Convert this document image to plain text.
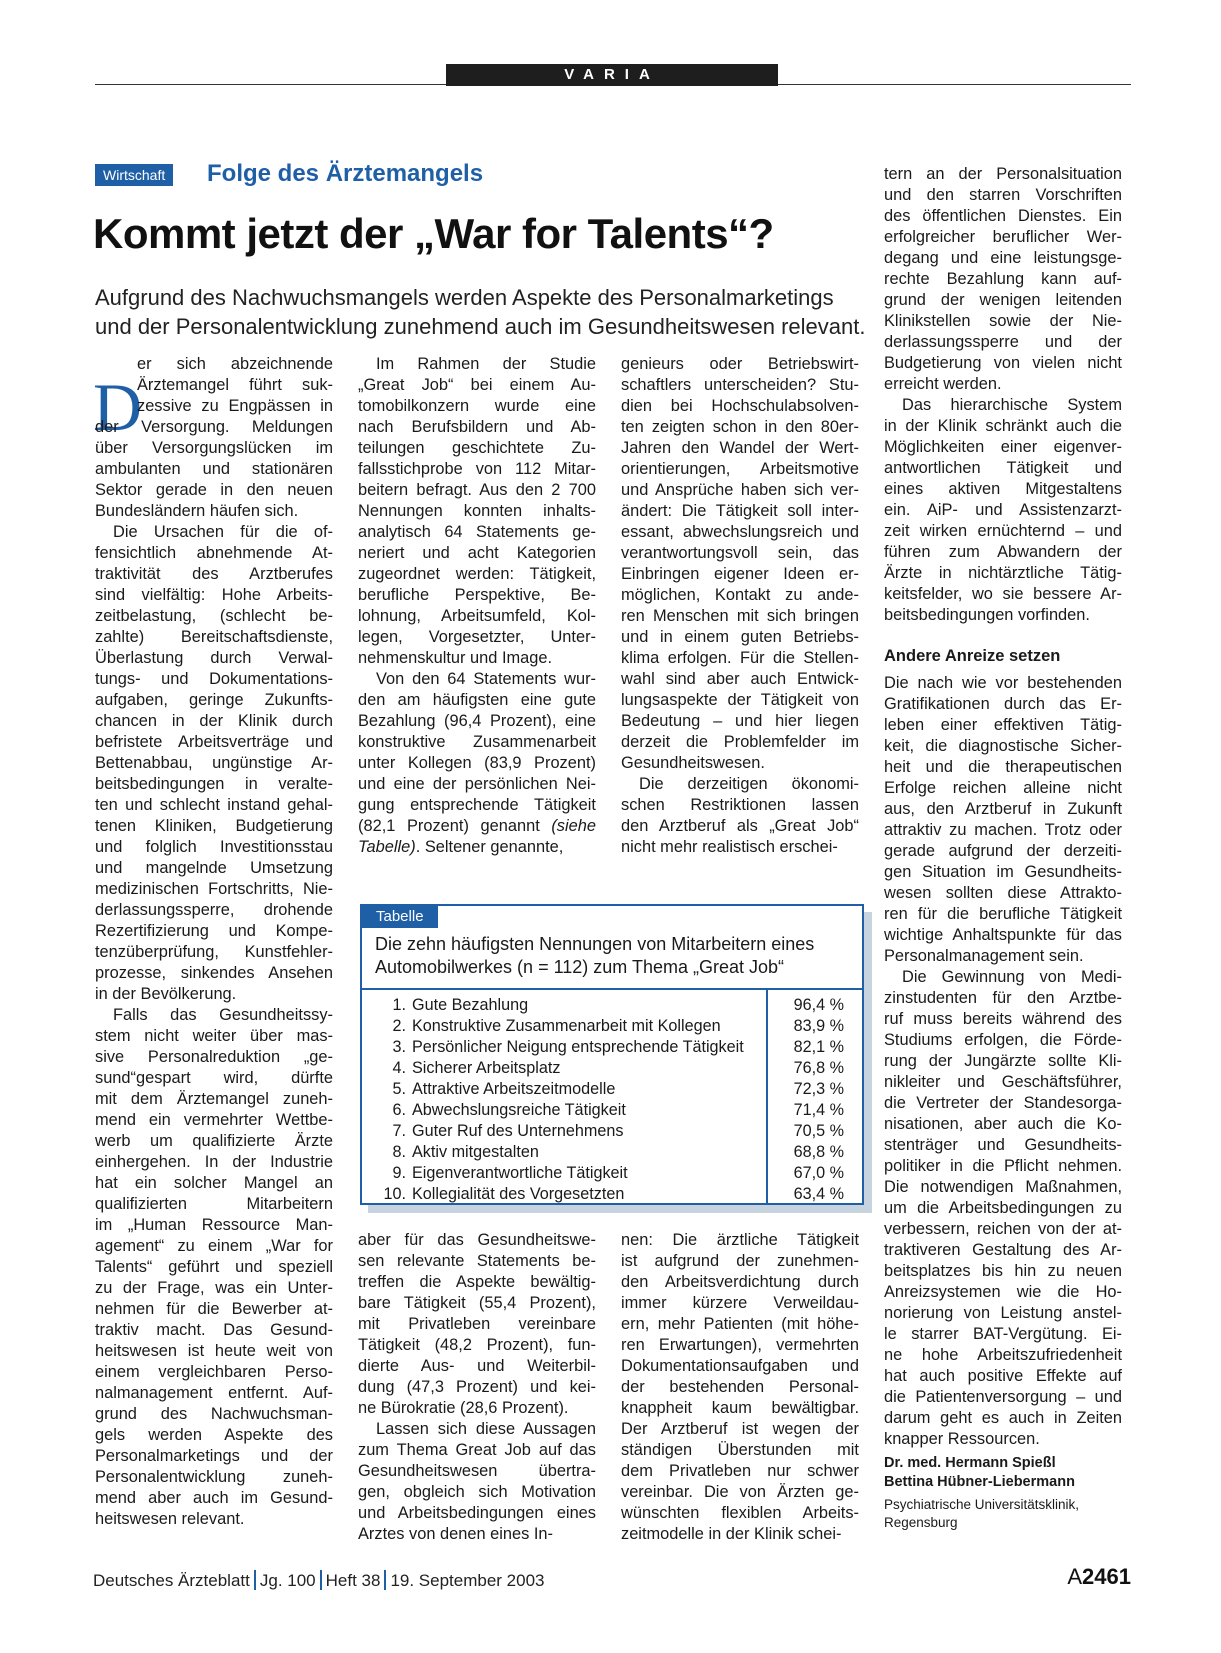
VARIA
Wirtschaft	Folge des Ärztemangels
Kommt jetzt der „War for Talents“?
Aufgrund des Nachwuchsmangels werden Aspekte des Personalmarketings
und der Personalentwicklung zunehmend auch im Gesundheitswesen relevant.
D
er sich abzeichnende
Ärztemangel führt suk-
zessive zu Engpässen in
der Versorgung. Meldungen
über Versorgungslücken im
ambulanten und stationären
Sektor gerade in den neuen
Bundesländern häufen sich.
Die Ursachen für die of-
fensichtlich abnehmende At-
traktivität des Arztberufes
sind vielfältig: Hohe Arbeits-
zeitbelastung, (schlecht be-
zahlte) Bereitschaftsdienste,
Überlastung durch Verwal-
tungs- und Dokumentations-
aufgaben, geringe Zukunfts-
chancen in der Klinik durch
befristete Arbeitsverträge und
Bettenabbau, ungünstige Ar-
beitsbedingungen in veralte-
ten und schlecht instand gehal-
tenen Kliniken, Budgetierung
und folglich Investitionsstau
und mangelnde Umsetzung
medizinischen Fortschritts, Nie-
derlassungssperre, drohende
Rezertifizierung und Kompe-
tenzüberprüfung, Kunstfehler-
prozesse, sinkendes Ansehen
in der Bevölkerung.
Falls das Gesundheitssy-
stem nicht weiter über mas-
sive Personalreduktion „ge-
sund“gespart wird, dürfte
mit dem Ärztemangel zuneh-
mend ein vermehrter Wettbe-
werb um qualifizierte Ärzte
einhergehen. In der Industrie
hat ein solcher Mangel an
qualifizierten Mitarbeitern
im „Human Ressource Man-
agement“ zu einem „War for
Talents“ geführt und speziell
zu der Frage, was ein Unter-
nehmen für die Bewerber at-
traktiv macht. Das Gesund-
heitswesen ist heute weit von
einem vergleichbaren Perso-
nalmanagement entfernt. Auf-
grund des Nachwuchsman-
gels werden Aspekte des
Personalmarketings und der
Personalentwicklung zuneh-
mend aber auch im Gesund-
heitswesen relevant.
Im Rahmen der Studie
„Great Job“ bei einem Au-
tomobilkonzern wurde eine
nach Berufsbildern und Ab-
teilungen geschichtete Zu-
fallsstichprobe von 112 Mitar-
beitern befragt. Aus den 2 700
Nennungen konnten inhalts-
analytisch 64 Statements ge-
neriert und acht Kategorien
zugeordnet werden: Tätigkeit,
berufliche Perspektive, Be-
lohnung, Arbeitsumfeld, Kol-
legen, Vorgesetzter, Unter-
nehmenskultur und Image.
Von den 64 Statements wur-
den am häufigsten eine gute
Bezahlung (96,4 Prozent), eine
konstruktive Zusammenarbeit
unter Kollegen (83,9 Prozent)
und eine der persönlichen Nei-
gung entsprechende Tätigkeit
(82,1 Prozent) genannt (siehe
Tabelle). Seltener genannte,
genieurs oder Betriebswirt-
schaftlers unterscheiden? Stu-
dien bei Hochschulabsolven-
ten zeigten schon in den 80er-
Jahren den Wandel der Wert-
orientierungen, Arbeitsmotive
und Ansprüche haben sich ver-
ändert: Die Tätigkeit soll inter-
essant, abwechslungsreich und
verantwortungsvoll sein, das
Einbringen eigener Ideen er-
möglichen, Kontakt zu ande-
ren Menschen mit sich bringen
und in einem guten Betriebs-
klima erfolgen. Für die Stellen-
wahl sind aber auch Entwick-
lungsaspekte der Tätigkeit von
Bedeutung – und hier liegen
derzeit die Problemfelder im
Gesundheitswesen.
Die derzeitigen ökonomi-
schen Restriktionen lassen
den Arztberuf als „Great Job“
nicht mehr realistisch erschei-
Tabelle
Die zehn häufigsten Nennungen von Mitarbeitern eines
Automobilwerkes (n = 112) zum Thema „Great Job“
1. Gute Bezahlung	96,4 %
2. Konstruktive Zusammenarbeit mit Kollegen	83,9 %
3. Persönlicher Neigung entsprechende Tätigkeit	82,1 %
4. Sicherer Arbeitsplatz	76,8 %
5. Attraktive Arbeitszeitmodelle	72,3 %
6. Abwechslungsreiche Tätigkeit	71,4 %
7. Guter Ruf des Unternehmens	70,5 %
8. Aktiv mitgestalten	68,8 %
9. Eigenverantwortliche Tätigkeit	67,0 %
10. Kollegialität des Vorgesetzten	63,4 %
aber für das Gesundheitswe-
sen relevante Statements be-
treffen die Aspekte bewältig-
bare Tätigkeit (55,4 Prozent),
mit Privatleben vereinbare
Tätigkeit (48,2 Prozent), fun-
dierte Aus- und Weiterbil-
dung (47,3 Prozent) und kei-
ne Bürokratie (28,6 Prozent).
Lassen sich diese Aussagen
zum Thema Great Job auf das
Gesundheitswesen übertra-
gen, obgleich sich Motivation
und Arbeitsbedingungen eines
Arztes von denen eines In-
nen: Die ärztliche Tätigkeit
ist aufgrund der zunehmen-
den Arbeitsverdichtung durch
immer kürzere Verweildau-
ern, mehr Patienten (mit höhe-
ren Erwartungen), vermehrten
Dokumentationsaufgaben und
der bestehenden Personal-
knappheit kaum bewältigbar.
Der Arztberuf ist wegen der
ständigen Überstunden mit
dem Privatleben nur schwer
vereinbar. Die von Ärzten ge-
wünschten flexiblen Arbeits-
zeitmodelle in der Klinik schei-
tern an der Personalsituation
und den starren Vorschriften
des öffentlichen Dienstes. Ein
erfolgreicher beruflicher Wer-
degang und eine leistungsge-
rechte Bezahlung kann auf-
grund der wenigen leitenden
Klinikstellen sowie der Nie-
derlassungssperre und der
Budgetierung von vielen nicht
erreicht werden.
Das hierarchische System
in der Klinik schränkt auch die
Möglichkeiten einer eigenver-
antwortlichen Tätigkeit und
eines aktiven Mitgestaltens
ein. AiP- und Assistenzarzt-
zeit wirken ernüchternd – und
führen zum Abwandern der
Ärzte in nichtärztliche Tätig-
keitsfelder, wo sie bessere Ar-
beitsbedingungen vorfinden.
Andere Anreize setzen
Die nach wie vor bestehenden
Gratifikationen durch das Er-
leben einer effektiven Tätig-
keit, die diagnostische Sicher-
heit und die therapeutischen
Erfolge reichen alleine nicht
aus, den Arztberuf in Zukunft
attraktiv zu machen. Trotz oder
gerade aufgrund der derzeiti-
gen Situation im Gesundheits-
wesen sollten diese Attrakto-
ren für die berufliche Tätigkeit
wichtige Anhaltspunkte für das
Personalmanagement sein.
Die Gewinnung von Medi-
zinstudenten für den Arztbe-
ruf muss bereits während des
Studiums erfolgen, die Förde-
rung der Jungärzte sollte Kli-
nikleiter und Geschäftsführer,
die Vertreter der Standesorga-
nisationen, aber auch die Ko-
stenträger und Gesundheits-
politiker in die Pflicht nehmen.
Die notwendigen Maßnahmen,
um die Arbeitsbedingungen zu
verbessern, reichen von der at-
traktiveren Gestaltung des Ar-
beitsplatzes bis hin zu neuen
Anreizsystemen wie die Ho-
norierung von Leistung anstel-
le starrer BAT-Vergütung. Ei-
ne hohe Arbeitszufriedenheit
hat auch positive Effekte auf
die Patientenversorgung – und
darum geht es auch in Zeiten
knapper Ressourcen.
Dr. med. Hermann Spießl
Bettina Hübner-Liebermann
Psychiatrische Universitätsklinik,
Regensburg
Deutsches Ärzteblatt Jg. 100 Heft 38 19. September 2003	A2461
